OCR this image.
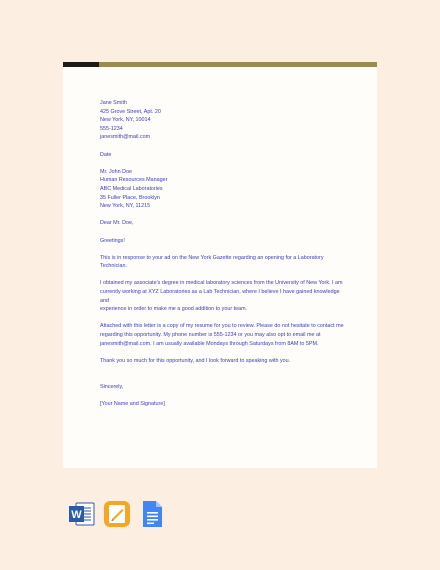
Jane Smith

425 Grove Street, Apt. 20

New York, NY, 10014

555-1234

janesmith@mail.com

Date

Mr. John Doe

Human Resources Manager

ABC Medical Laboratories

35 Fuller Place, Brooklyn

New York, NY, 11215

Dear Mr. Doe,

Greetings!

This is in response to your ad on the New York Gazette regarding an opening for a Laboratory

Technician.

I obtained my associate's degree in medical laboratory sciences from the University of New York. I am

currently working at XYZ Laboratories as a Lab Technician, where I believe I have gained knowledge and

experience in order to make me a good addition to your team.

Attached with this letter is a copy of my resume for you to review. Please do not hesitate to contact me

regarding this opportunity. My phone number is 555-1234 or you may also opt to email me at

janesmith@mail.com. I am usually available Mondays through Saturdays from 8AM to 5PM.

Thank you so much for this opportunity, and I look forward to speaking with you.

Sincerely,

[Your Name and Signature]

W
